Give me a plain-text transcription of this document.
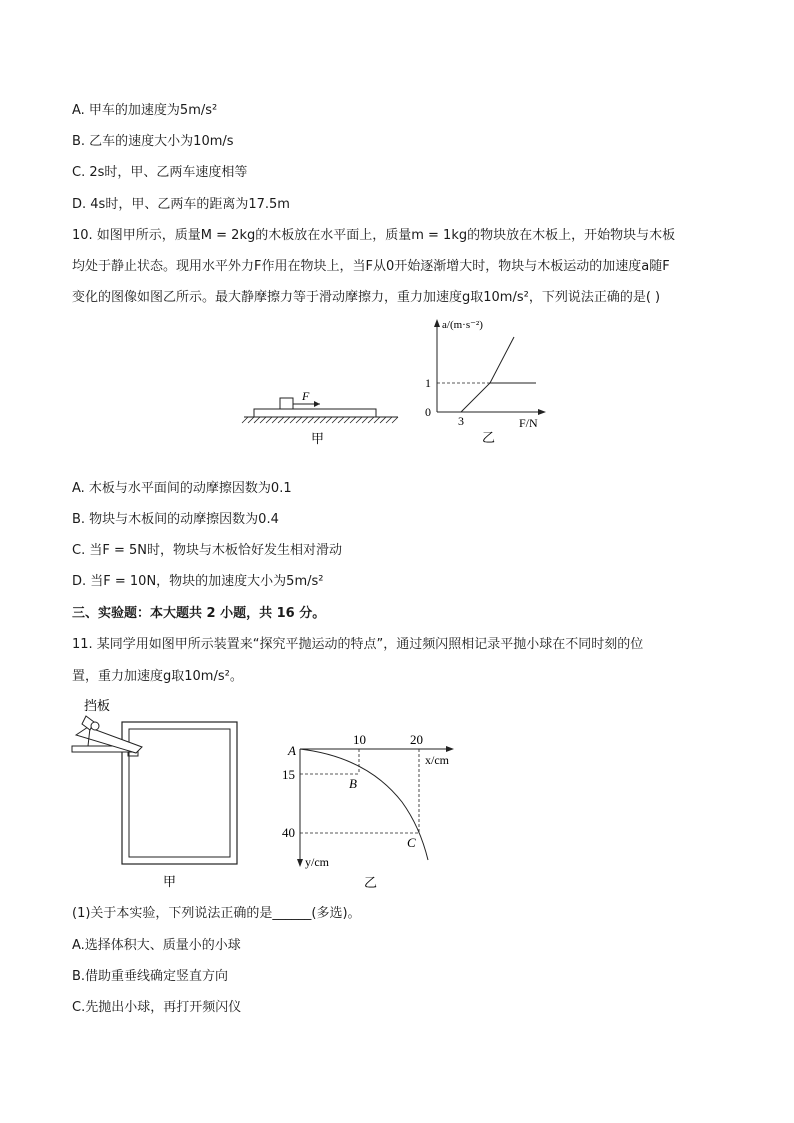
A. 甲车的加速度为5m/s²
B. 乙车的速度大小为10m/s
C. 2s时，甲、乙两车速度相等
D. 4s时，甲、乙两车的距离为17.5m
10. 如图甲所示，质量M = 2kg的木板放在水平面上，质量m = 1kg的物块放在木板上，开始物块与木板
均处于静止状态。现用水平外力F作用在物块上，当F从0开始逐渐增大时，物块与木板运动的加速度a随F
变化的图像如图乙所示。最大静摩擦力等于滑动摩擦力，重力加速度g取10m/s²，下列说法正确的是( )
F
甲
a/(m·s⁻²)
F/N
0
1
3
乙
A. 木板与水平面间的动摩擦因数为0.1
B. 物块与木板间的动摩擦因数为0.4
C. 当F = 5N时，物块与木板恰好发生相对滑动
D. 当F = 10N，物块的加速度大小为5m/s²
三、实验题：本大题共 2 小题，共 16 分。
11. 某同学用如图甲所示装置来“探究平抛运动的特点”，通过频闪照相记录平抛小球在不同时刻的位
置，重力加速度g取10m/s²。
挡板
甲
A
10	20
x/cm
15
40
y/cm
B
C
乙
(1)关于本实验，下列说法正确的是______(多选)。
A.选择体积大、质量小的小球
B.借助重垂线确定竖直方向
C.先抛出小球，再打开频闪仪
